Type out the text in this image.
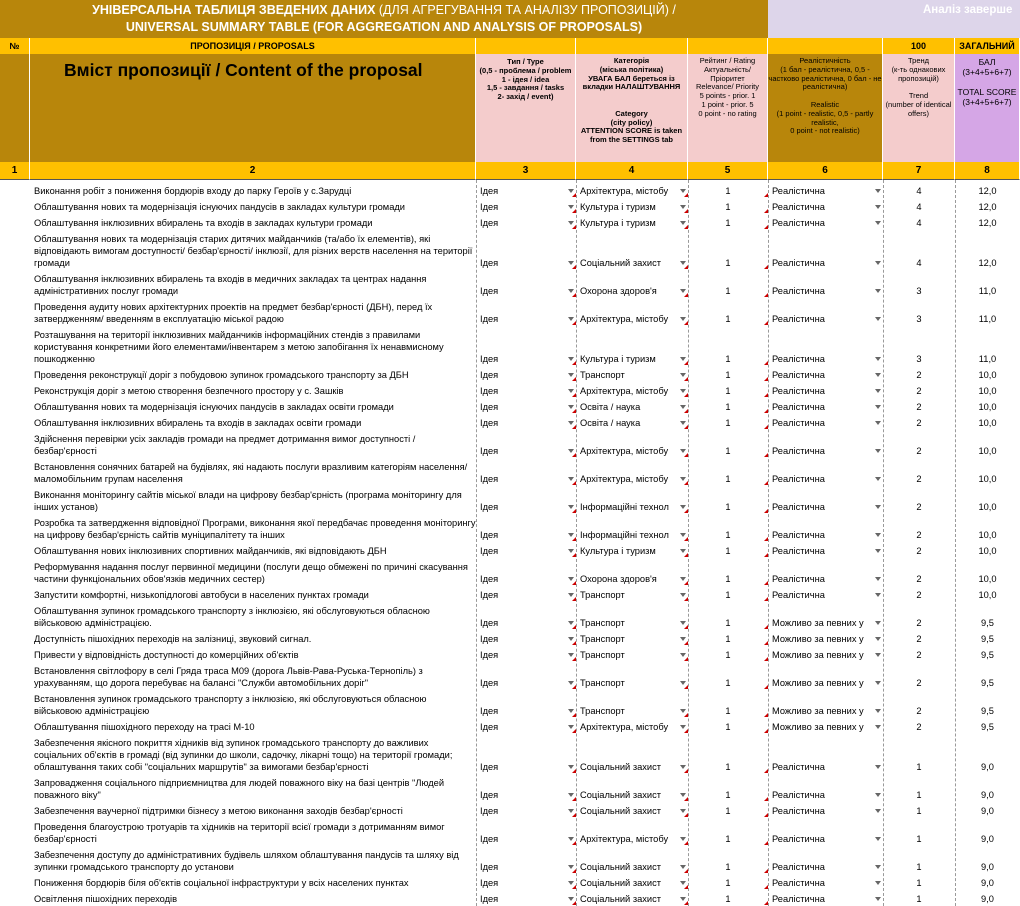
УНІВЕРСАЛЬНА ТАБЛИЦЯ ЗВЕДЕНИХ ДАНИХ (ДЛЯ АГРЕГУВАННЯ ТА АНАЛІЗУ ПРОПОЗИЦІЙ) /
UNIVERSAL SUMMARY TABLE (FOR AGGREGATION AND ANALYSIS OF PROPOSALS)
Аналіз заверше
№	ПРОПОЗИЦІЯ / PROPOSALS	100	ЗАГАЛЬНИЙ
Вміст пропозиції / Content of the proposal	Тип / Type
(0,5 - проблема / problem
1 - ідея / idea
1,5 - завдання / tasks
2- захід / event)
Категорія
(міська політика)
УВАГА БАЛ береться із вкладки НАЛАШТУВАННЯ

Category
(city policy)
ATTENTION SCORE is taken from the SETTINGS tab
Рейтинг / Rating
Актуальність/ Пріоритет
Relevance/ Priority
5 points - prior. 1
1 point - prior. 5
0 point - no rating
Реалістичність
(1 бал - реалістична, 0,5 - частково реалістична, 0 бал - не реалістична)

Realistic
(1 point - realistic, 0,5 - partly realistic,
0 point - not realistic)
Тренд
(к-ть однакових пропозицій)

Trend
(number of identical offers)
БАЛ
(3+4+5+6+7)

TOTAL SCORE
(3+4+5+6+7)
1	2	3	4	5	6	7	8
Виконання робіт з пониження бордюрів входу до парку Героїв у с.Зарудці	Ідея	Архітектура, містобу	1	Реалістична	4	12,0
Облаштування нових та модернізація існуючих пандусів в закладах культури громади	Ідея	Культура і туризм	1	Реалістична	4	12,0
Облаштування інклюзивних вбиралень та входів в закладах культури громади	Ідея	Культура і туризм	1	Реалістична	4	12,0
Облаштування нових та модернізація старих дитячих майданчиків (та/або їх елементів), які відповідають вимогам доступності/ безбар'єрності/ інклюзії, для різних верств населення на території громади	Ідея	Соціальний захист	1	Реалістична	4	12,0
Облаштування інклюзивних вбиралень та входів в медичних закладах та центрах надання адміністративних послуг громади	Ідея	Охорона здоров'я	1	Реалістична	3	11,0
Проведення аудиту нових архітектурних проектів на предмет безбар'єрності (ДБН), перед їх затвердженням/ введенням в експлуатацію міської радою	Ідея	Архітектура, містобу	1	Реалістична	3	11,0
Розташування на території інклюзивних майданчиків інформаційних стендів з правилами користування конкретними його елементами/інвентарем з метою запобігання їх ненавмисному пошкодженню	Ідея	Культура і туризм	1	Реалістична	3	11,0
Проведення реконструкції доріг з побудовою зупинок громадського транспорту за ДБН	Ідея	Транспорт	1	Реалістична	2	10,0
Реконструкція доріг з метою створення безпечного простору у с. Зашків	Ідея	Архітектура, містобу	1	Реалістична	2	10,0
Облаштування нових та модернізація існуючих пандусів в закладах освіти громади	Ідея	Освіта / наука	1	Реалістична	2	10,0
Облаштування інклюзивних вбиралень та входів в закладах освіти громади	Ідея	Освіта / наука	1	Реалістична	2	10,0
Здійснення перевірки усіх закладів громади на предмет дотримання вимог доступності / безбар'єрності	Ідея	Архітектура, містобу	1	Реалістична	2	10,0
Встановлення сонячних батарей на будівлях, які надають послуги вразливим категоріям населення/ маломобільним групам населення	Ідея	Архітектура, містобу	1	Реалістична	2	10,0
Виконання моніторингу сайтів міської влади на цифрову безбар'єрність (програма моніторингу для інших установ)	Ідея	Інформаційні технол	1	Реалістична	2	10,0
Розробка та затвердження відповідної Програми, виконання якої передбачає проведення моніторингу на цифрову безбар'єрність сайтів муніципалітету та інших	Ідея	Інформаційні технол	1	Реалістична	2	10,0
Облаштування нових інклюзивних спортивних майданчиків, які відповідають ДБН	Ідея	Культура і туризм	1	Реалістична	2	10,0
Реформування надання послуг первинної медицини (послуги дещо обмежені по причині скасування частини функціональних обов'язків медичних сестер)	Ідея	Охорона здоров'я	1	Реалістична	2	10,0
Запустити комфортні, низькопідлогові автобуси в населених пунктах громади	Ідея	Транспорт	1	Реалістична	2	10,0
Облаштування зупинок громадського транспорту з інклюзією, які обслуговуються обласною військовою адміністрацією.	Ідея	Транспорт	1	Можливо за певних у	2	9,5
Доступність пішохідних переходів на залізниці, звуковий сигнал.	Ідея	Транспорт	1	Можливо за певних у	2	9,5
Привести у відповідність доступності до комерційних об'єктів	Ідея	Транспорт	1	Можливо за певних у	2	9,5
Встановлення світлофору в селі Гряда траса М09 (дорога Львів-Рава-Руська-Тернопіль) з урахуванням, що дорога перебуває на балансі "Служби автомобільних доріг"	Ідея	Транспорт	1	Можливо за певних у	2	9,5
Встановлення зупинок громадського транспорту з інклюзією, які обслуговуються обласною військовою адміністрацією	Ідея	Транспорт	1	Можливо за певних у	2	9,5
Облаштування пішохідного переходу на трасі М-10	Ідея	Архітектура, містобу	1	Можливо за певних у	2	9,5
Забезпечення якісного покриття хідників від зупинок громадського транспорту до важливих соціальних об'єктів в громаді (від зупинки до школи, садочку, лікарні тощо) на території громади; облаштування таких собі "соціальних маршрутів" за вимогами безбар'єрності	Ідея	Соціальний захист	1	Реалістична	1	9,0
Запровадження соціального підприємництва для людей поважного віку на базі центрів "Людей поважного віку"	Ідея	Соціальний захист	1	Реалістична	1	9,0
Забезпечення ваучерної підтримки бізнесу з метою виконання заходів безбар'єрності	Ідея	Соціальний захист	1	Реалістична	1	9,0
Проведення благоустрою тротуарів та хідників на території всієї громади з дотриманням вимог безбар'єрності	Ідея	Архітектура, містобу	1	Реалістична	1	9,0
Забезпечення доступу до адміністративних будівель шляхом облаштування пандусів та шляху від зупинки громадського транспорту до установи	Ідея	Соціальний захист	1	Реалістична	1	9,0
Пониження бордюрів біля об'єктів соціальної інфраструктури у всіх населених пунктах	Ідея	Соціальний захист	1	Реалістична	1	9,0
Освітлення пішохідних переходів	Ідея	Соціальний захист	1	Реалістична	1	9,0
